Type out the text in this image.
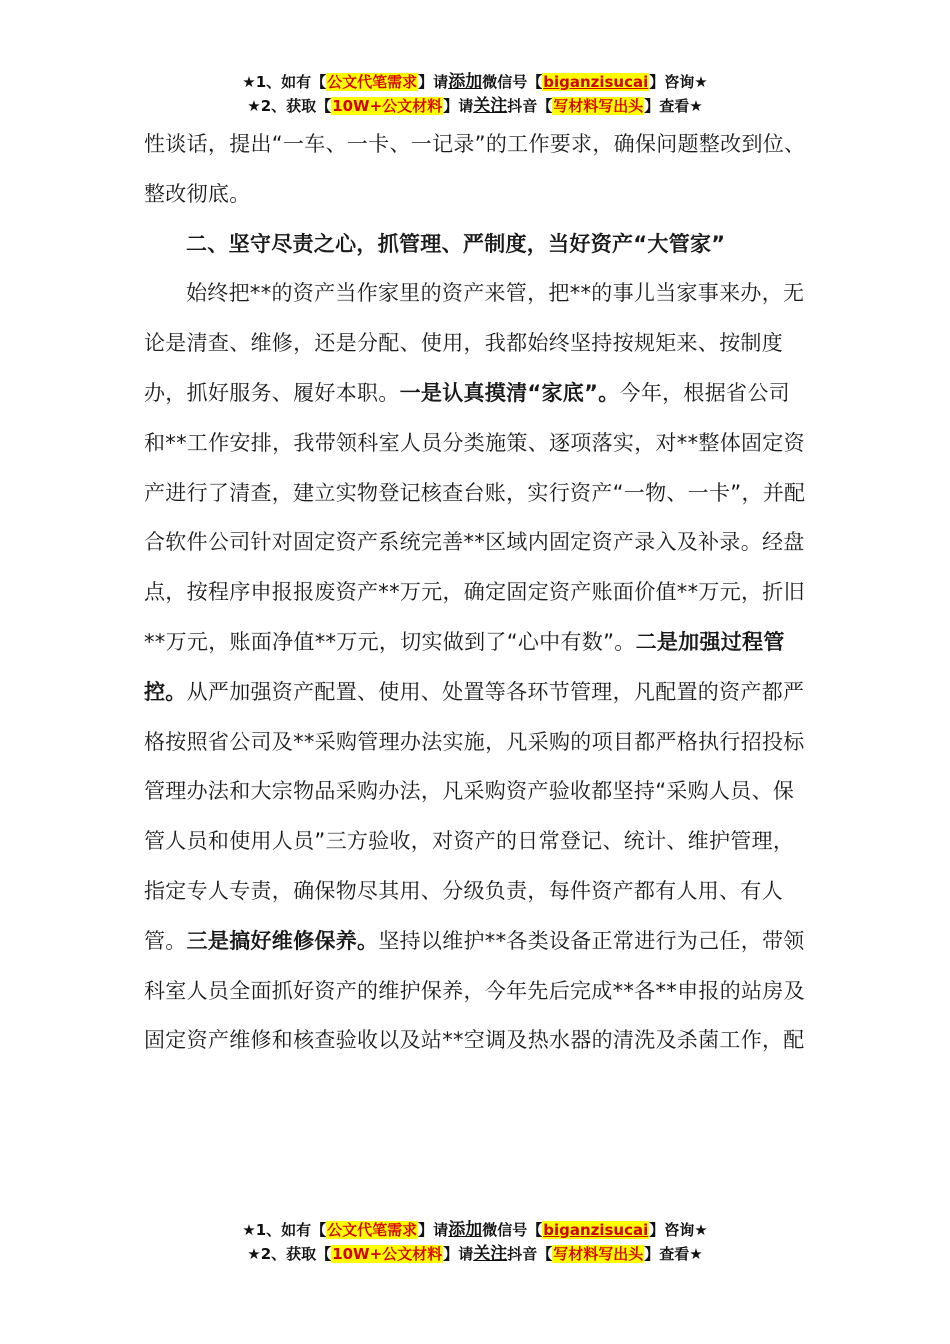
★1、如有【公文代笔需求】请添加微信号【biganzisucai】咨询★
★2、获取【10W+公文材料】请关注抖音【写材料写出头】查看★

性谈话，提出“一车、一卡、一记录”的工作要求，确保问题整改到位、整改彻底。

二、坚守尽责之心，抓管理、严制度，当好资产“大管家”

始终把**的资产当作家里的资产来管，把**的事儿当家事来办，无论是清查、维修，还是分配、使用，我都始终坚持按规矩来、按制度办，抓好服务、履好本职。一是认真摸清“家底”。今年，根据省公司和**工作安排，我带领科室人员分类施策、逐项落实，对**整体固定资产进行了清查，建立实物登记核查台账，实行资产“一物、一卡”，并配合软件公司针对固定资产系统完善**区域内固定资产录入及补录。经盘点，按程序申报报废资产**万元，确定固定资产账面价值**万元，折旧**万元，账面净值**万元，切实做到了“心中有数”。二是加强过程管控。从严加强资产配置、使用、处置等各环节管理，凡配置的资产都严格按照省公司及**采购管理办法实施，凡采购的项目都严格执行招投标管理办法和大宗物品采购办法，凡采购资产验收都坚持“采购人员、保管人员和使用人员”三方验收，对资产的日常登记、统计、维护管理，指定专人专责，确保物尽其用、分级负责，每件资产都有人用、有人管。三是搞好维修保养。坚持以维护**各类设备正常进行为己任，带领科室人员全面抓好资产的维护保养，今年先后完成**各**申报的站房及固定资产维修和核查验收以及站**空调及热水器的清洗及杀菌工作，配

★1、如有【公文代笔需求】请添加微信号【biganzisucai】咨询★
★2、获取【10W+公文材料】请关注抖音【写材料写出头】查看★
